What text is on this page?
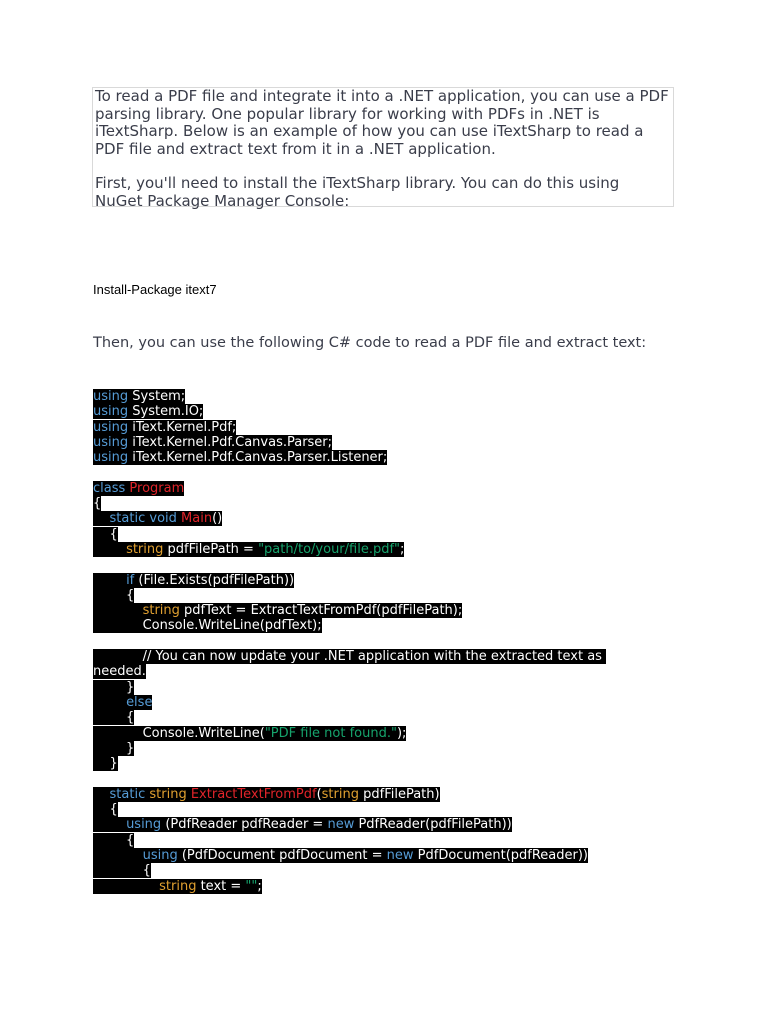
To read a PDF file and integrate it into a .NET application, you can use a PDF parsing library. One popular library for working with PDFs in .NET is iTextSharp. Below is an example of how you can use iTextSharp to read a PDF file and extract text from it in a .NET application.

First, you'll need to install the iTextSharp library. You can do this using NuGet Package Manager Console:

Install-Package itext7
Then, you can use the following C# code to read a PDF file and extract text:
using System;
using System.IO;
using iText.Kernel.Pdf;
using iText.Kernel.Pdf.Canvas.Parser;
using iText.Kernel.Pdf.Canvas.Parser.Listener;
class Program
{
static void Main()
{
string pdfFilePath = "path/to/your/file.pdf";
if (File.Exists(pdfFilePath))
{
string pdfText = ExtractTextFromPdf(pdfFilePath);
Console.WriteLine(pdfText);
// You can now update your .NET application with the extracted text as
needed.
}
else
{
Console.WriteLine("PDF file not found.");
}
}
static string ExtractTextFromPdf(string pdfFilePath)
{
using (PdfReader pdfReader = new PdfReader(pdfFilePath))
{
using (PdfDocument pdfDocument = new PdfDocument(pdfReader))
{
string text = "";
